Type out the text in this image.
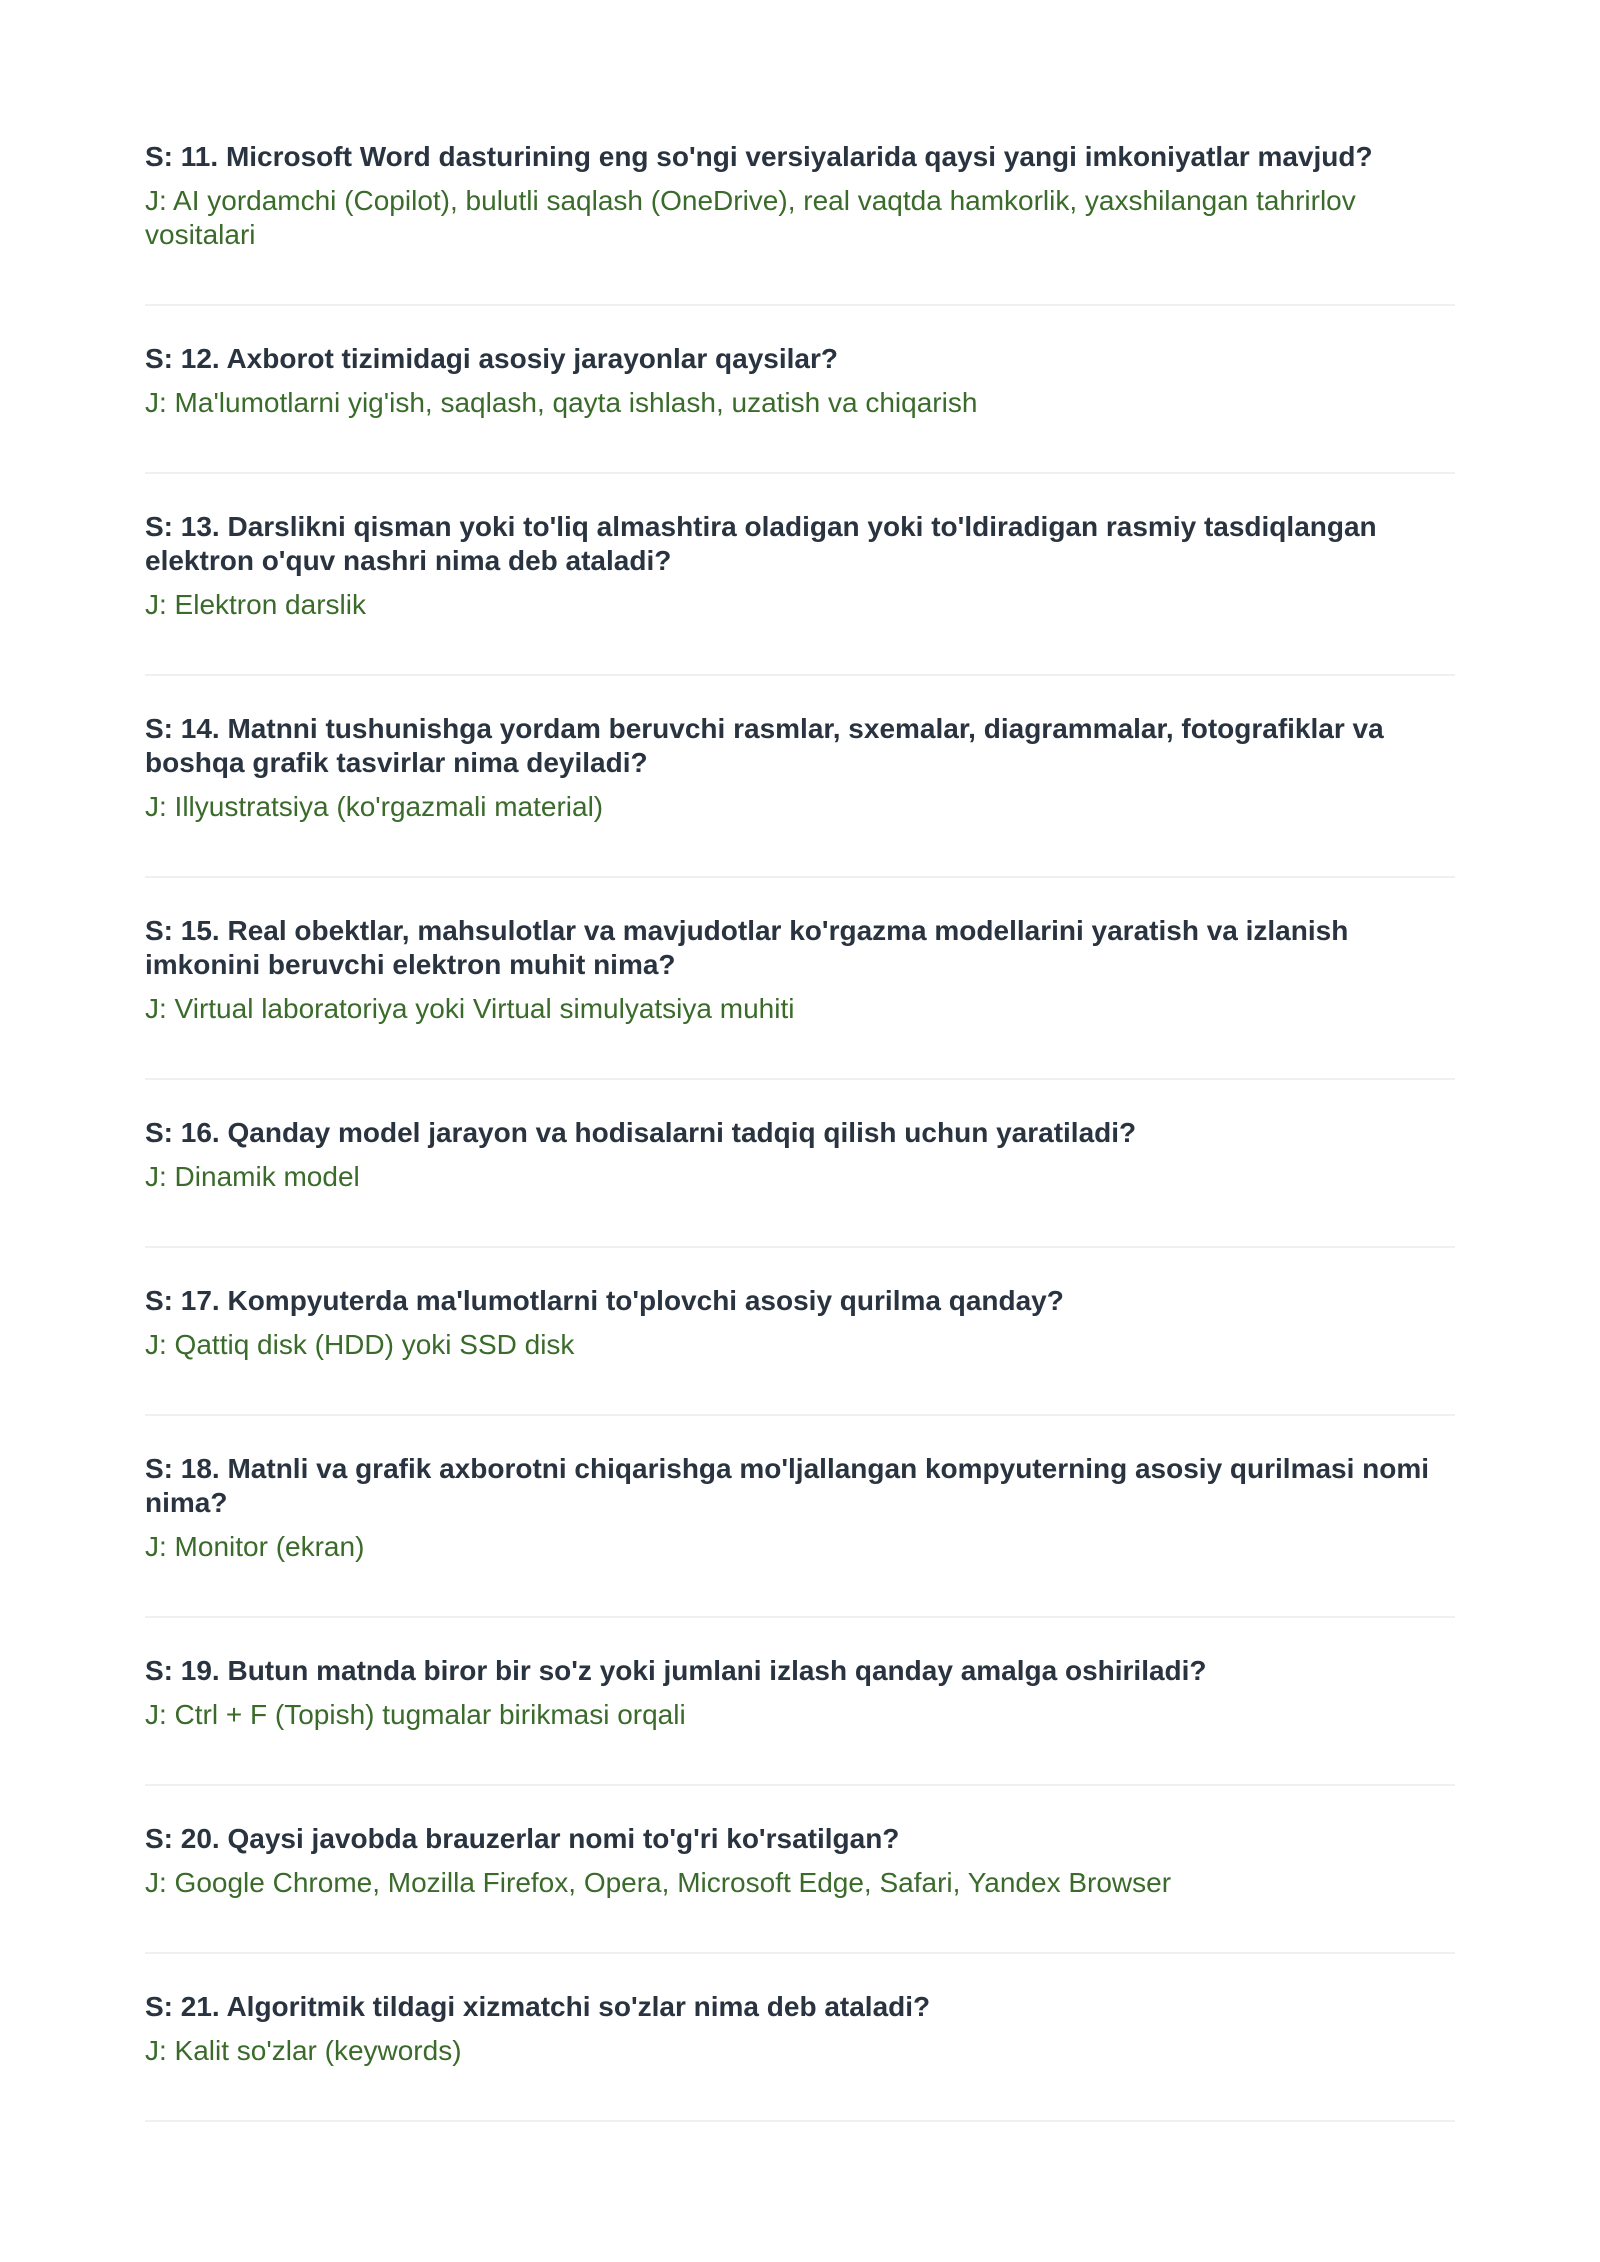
S: 11. Microsoft Word dasturining eng so'ngi versiyalarida qaysi yangi imkoniyatlar mavjud?

J: AI yordamchi (Copilot), bulutli saqlash (OneDrive), real vaqtda hamkorlik, yaxshilangan tahrirlov vositalari

S: 12. Axborot tizimidagi asosiy jarayonlar qaysilar?

J: Ma'lumotlarni yig'ish, saqlash, qayta ishlash, uzatish va chiqarish

S: 13. Darslikni qisman yoki to'liq almashtira oladigan yoki to'ldiradigan rasmiy tasdiqlangan elektron o'quv nashri nima deb ataladi?

J: Elektron darslik

S: 14. Matnni tushunishga yordam beruvchi rasmlar, sxemalar, diagrammalar, fotografiklar va boshqa grafik tasvirlar nima deyiladi?

J: Illyustratsiya (ko'rgazmali material)

S: 15. Real obektlar, mahsulotlar va mavjudotlar ko'rgazma modellarini yaratish va izlanish imkonini beruvchi elektron muhit nima?

J: Virtual laboratoriya yoki Virtual simulyatsiya muhiti

S: 16. Qanday model jarayon va hodisalarni tadqiq qilish uchun yaratiladi?

J: Dinamik model

S: 17. Kompyuterda ma'lumotlarni to'plovchi asosiy qurilma qanday?

J: Qattiq disk (HDD) yoki SSD disk

S: 18. Matnli va grafik axborotni chiqarishga mo'ljallangan kompyuterning asosiy qurilmasi nomi nima?

J: Monitor (ekran)

S: 19. Butun matnda biror bir so'z yoki jumlani izlash qanday amalga oshiriladi?

J: Ctrl + F (Topish) tugmalar birikmasi orqali

S: 20. Qaysi javobda brauzerlar nomi to'g'ri ko'rsatilgan?

J: Google Chrome, Mozilla Firefox, Opera, Microsoft Edge, Safari, Yandex Browser

S: 21. Algoritmik tildagi xizmatchi so'zlar nima deb ataladi?

J: Kalit so'zlar (keywords)
